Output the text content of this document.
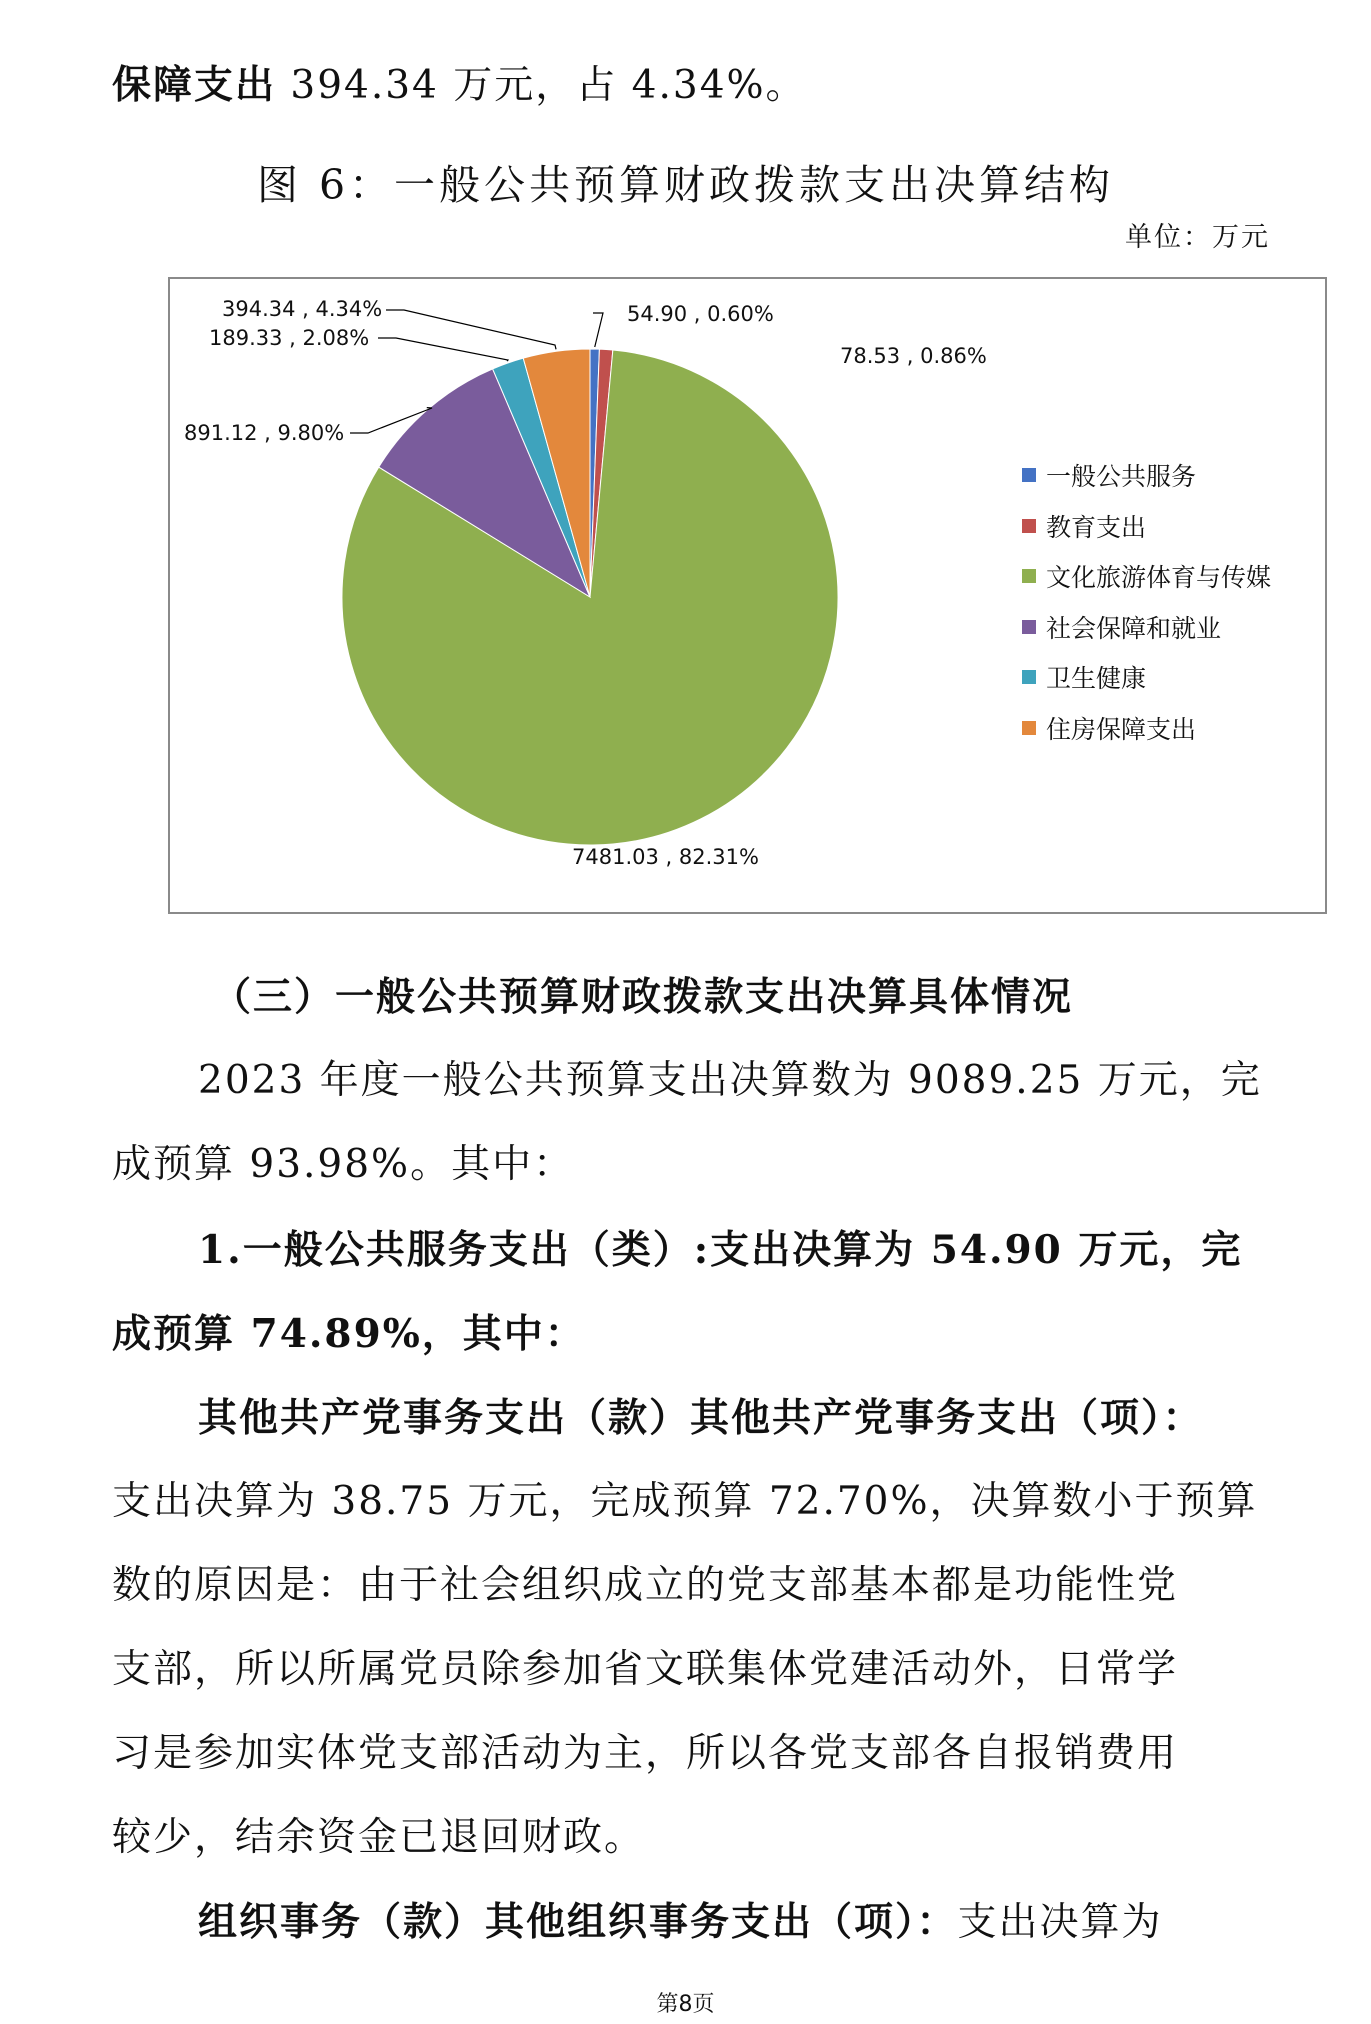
保障支出 394.34 万元，占 4.34%。
图 6：一般公共预算财政拨款支出决算结构
单位：万元
54.90 , 0.60%
78.53 , 0.86%
7481.03 , 82.31%
891.12 , 9.80%
189.33 , 2.08%
394.34 , 4.34%
一般公共服务
教育支出
文化旅游体育与传媒
社会保障和就业
卫生健康
住房保障支出
（三）一般公共预算财政拨款支出决算具体情况
2023 年度一般公共预算支出决算数为 9089.25 万元，完
成预算 93.98%。其中：
1.一般公共服务支出（类）:支出决算为 54.90 万元，完
成预算 74.89%，其中：
其他共产党事务支出（款）其他共产党事务支出（项）：
支出决算为 38.75 万元，完成预算 72.70%，决算数小于预算
数的原因是：由于社会组织成立的党支部基本都是功能性党
支部，所以所属党员除参加省文联集体党建活动外，日常学
习是参加实体党支部活动为主，所以各党支部各自报销费用
较少，结余资金已退回财政。
组织事务（款）其他组织事务支出（项）：支出决算为
第8页
